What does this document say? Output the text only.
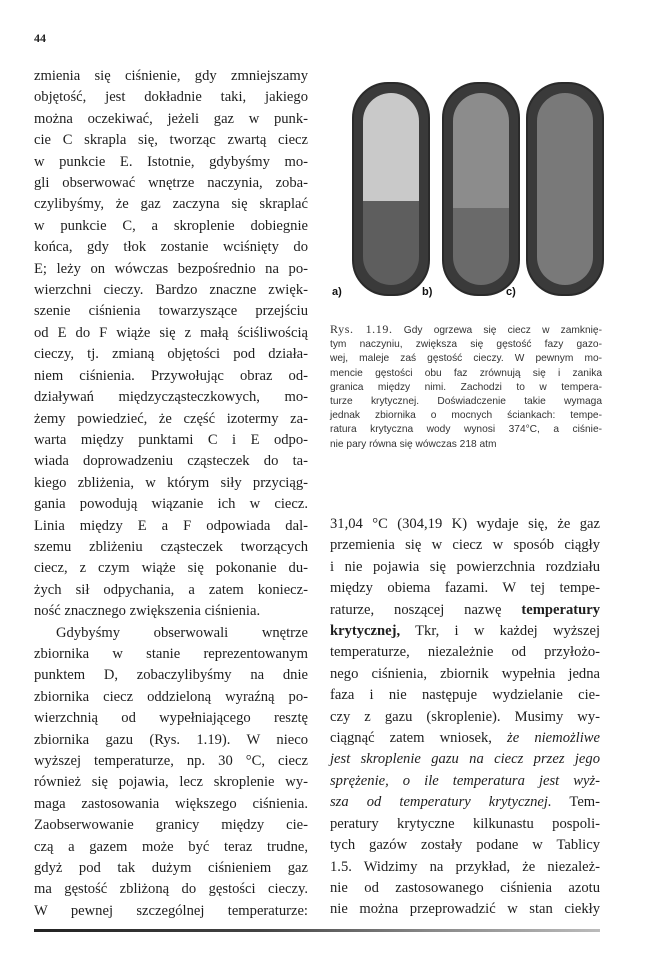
44
zmienia się ciśnienie, gdy zmniejszamy
objętość, jest dokładnie taki, jakiego
można oczekiwać, jeżeli gaz w punk-
cie C skrapla się, tworząc zwartą ciecz
w punkcie E. Istotnie, gdybyśmy mo-
gli obserwować wnętrze naczynia, zoba-
czylibyśmy, że gaz zaczyna się skraplać
w punkcie C, a skroplenie dobiegnie
końca, gdy tłok zostanie wciśnięty do
E; leży on wówczas bezpośrednio na po-
wierzchni cieczy. Bardzo znaczne zwięk-
szenie ciśnienia towarzyszące przejściu
od E do F wiąże się z małą ściśliwością
cieczy, tj. zmianą objętości pod działa-
niem ciśnienia. Przywołując obraz od-
działywań międzycząsteczkowych, mo-
żemy powiedzieć, że część izotermy za-
warta między punktami C i E odpo-
wiada doprowadzeniu cząsteczek do ta-
kiego zbliżenia, w którym siły przyciąg-
gania powodują wiązanie ich w ciecz.
Linia między E a F odpowiada dal-
szemu zbliżeniu cząsteczek tworzących
ciecz, z czym wiąże się pokonanie du-
żych sił odpychania, a zatem koniecz-
ność znacznego zwiększenia ciśnienia.
Gdybyśmy obserwowali wnętrze
zbiornika w stanie reprezentowanym
punktem D, zobaczylibyśmy na dnie
zbiornika ciecz oddzieloną wyraźną po-
wierzchnią od wypełniającego resztę
zbiornika gazu (Rys. 1.19). W nieco
wyższej temperaturze, np. 30 °C, ciecz
również się pojawia, lecz skroplenie wy-
maga zastosowania większego ciśnienia.
Zaobserwowanie granicy między cie-
czą a gazem może być teraz trudne,
gdyż pod tak dużym ciśnieniem gaz
ma gęstość zbliżoną do gęstości cieczy.
W pewnej szczególnej temperaturze:
a)	b)	c)
Rys. 1.19. Gdy ogrzewa się ciecz w zamknię-
tym naczyniu, zwiększa się gęstość fazy gazo-
wej, maleje zaś gęstość cieczy. W pewnym mo-
mencie gęstości obu faz zrównują się i zanika
granica między nimi. Zachodzi to w tempera-
turze krytycznej. Doświadczenie takie wymaga
jednak zbiornika o mocnych ściankach: tempe-
ratura krytyczna wody wynosi 374°C, a ciśnie-
nie pary równa się wówczas 218 atm
31,04 °C (304,19 K) wydaje się, że gaz
przemienia się w ciecz w sposób ciągły
i nie pojawia się powierzchnia rozdziału
między obiema fazami. W tej tempe-
raturze, noszącej nazwę temperatury
krytycznej, Tkr, i w każdej wyższej
temperaturze, niezależnie od przyłożo-
nego ciśnienia, zbiornik wypełnia jedna
faza i nie następuje wydzielanie cie-
czy z gazu (skroplenie). Musimy wy-
ciągnąć zatem wniosek, że niemożliwe
jest skroplenie gazu na ciecz przez jego
sprężenie, o ile temperatura jest wyż-
sza od temperatury krytycznej. Tem-
peratury krytyczne kilkunastu pospoli-
tych gazów zostały podane w Tablicy
1.5. Widzimy na przykład, że niezależ-
nie od zastosowanego ciśnienia azotu
nie można przeprowadzić w stan ciekły
